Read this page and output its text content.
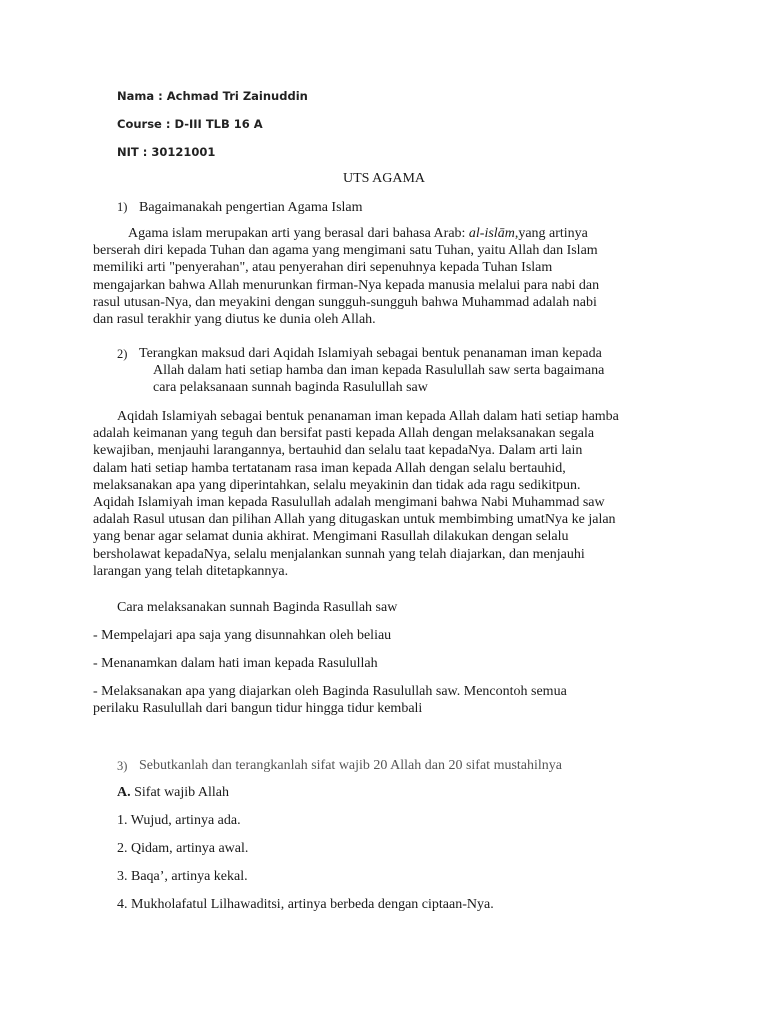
Nama : Achmad Tri Zainuddin
Course : D-III TLB 16 A
NIT : 30121001
UTS AGAMA
1) Bagaimanakah pengertian Agama Islam
Agama islam merupakan arti yang berasal dari bahasa Arab: al-islām,yang artinya
berserah diri kepada Tuhan dan agama yang mengimani satu Tuhan, yaitu Allah dan Islam
memiliki arti "penyerahan", atau penyerahan diri sepenuhnya kepada Tuhan Islam
mengajarkan bahwa Allah menurunkan firman-Nya kepada manusia melalui para nabi dan
rasul utusan-Nya, dan meyakini dengan sungguh-sungguh bahwa Muhammad adalah nabi
dan rasul terakhir yang diutus ke dunia oleh Allah.
2) Terangkan maksud dari Aqidah Islamiyah sebagai bentuk penanaman iman kepada
Allah dalam hati setiap hamba dan iman kepada Rasulullah saw serta bagaimana
cara pelaksanaan sunnah baginda Rasulullah saw
Aqidah Islamiyah sebagai bentuk penanaman iman kepada Allah dalam hati setiap hamba
adalah keimanan yang teguh dan bersifat pasti kepada Allah dengan melaksanakan segala
kewajiban, menjauhi larangannya, bertauhid dan selalu taat kepadaNya. Dalam arti lain
dalam hati setiap hamba tertatanam rasa iman kepada Allah dengan selalu bertauhid,
melaksanakan apa yang diperintahkan, selalu meyakinin dan tidak ada ragu sedikitpun.
Aqidah Islamiyah iman kepada Rasulullah adalah mengimani bahwa Nabi Muhammad saw
adalah Rasul utusan dan pilihan Allah yang ditugaskan untuk membimbing umatNya ke jalan
yang benar agar selamat dunia akhirat. Mengimani Rasullah dilakukan dengan selalu
bersholawat kepadaNya, selalu menjalankan sunnah yang telah diajarkan, dan menjauhi
larangan yang telah ditetapkannya.
Cara melaksanakan sunnah Baginda Rasullah saw
- Mempelajari apa saja yang disunnahkan oleh beliau
- Menanamkan dalam hati iman kepada Rasulullah
- Melaksanakan apa yang diajarkan oleh Baginda Rasulullah saw. Mencontoh semua
perilaku Rasulullah dari bangun tidur hingga tidur kembali
3) Sebutkanlah dan terangkanlah sifat wajib 20 Allah dan 20 sifat mustahilnya
A. Sifat wajib Allah
1. Wujud, artinya ada.
2. Qidam, artinya awal.
3. Baqa’, artinya kekal.
4. Mukholafatul Lilhawaditsi, artinya berbeda dengan ciptaan-Nya.
